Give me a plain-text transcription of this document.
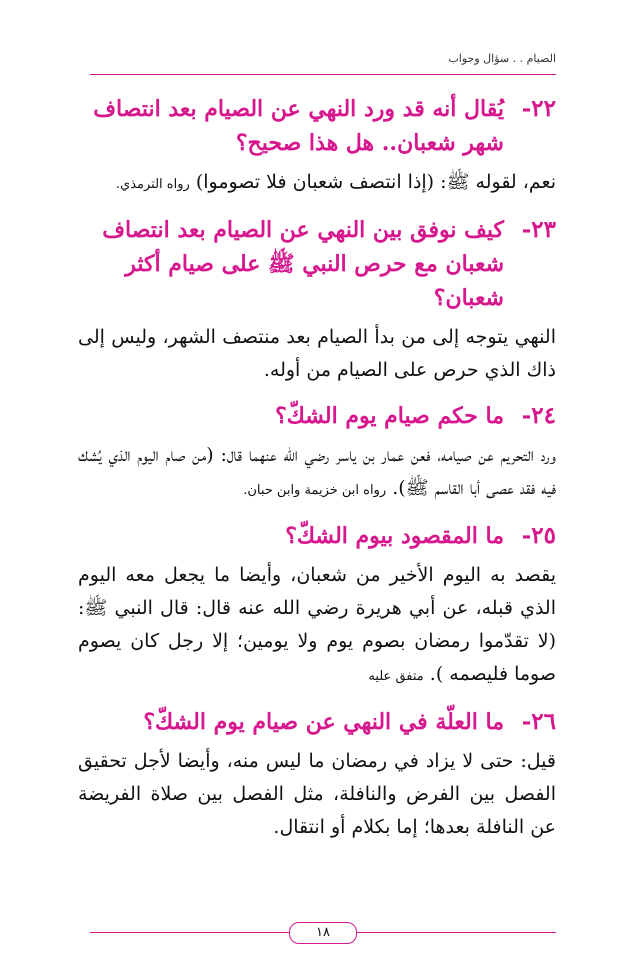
الصيام . . سؤال وجواب
٢٢-
يُقال أنه قد ورد النهي عن الصيام بعد انتصاف شهر شعبان.. هل هذا صحيح؟
نعم، لقوله ﷺ: (إذا انتصف شعبان فلا تصوموا) رواه الترمذي.
٢٣-
كيف نوفق بين النهي عن الصيام بعد انتصاف شعبان مع حرص النبي ﷺ على صيام أكثر شعبان؟
النهي يتوجه إلى من بدأ الصيام بعد منتصف الشهر، وليس إلى ذاك الذي حرص على الصيام من أوله.
٢٤-
ما حكم صيام يوم الشكّ؟
ورد التحريم عن صيامه، فعن عمار بن ياسر رضي الله عنهما قال: (من صام اليوم الذي يُشك فيه فقد عصى أبا القاسم ﷺ). رواه ابن خزيمة وابن حبان.
٢٥-
ما المقصود بيوم الشكّ؟
يقصد به اليوم الأخير من شعبان، وأيضا ما يجعل معه اليوم الذي قبله، عن أبي هريرة رضي الله عنه قال: قال النبي ﷺ: (لا تقدّموا رمضان بصوم يوم ولا يومين؛ إلا رجل كان يصوم صوما فليصمه ). متفق عليه
٢٦-
ما العلّة في النهي عن صيام يوم الشكّ؟
قيل: حتى لا يزاد في رمضان ما ليس منه، وأيضا لأجل تحقيق الفصل بين الفرض والنافلة، مثل الفصل بين صلاة الفريضة عن النافلة بعدها؛ إما بكلام أو انتقال.
١٨
